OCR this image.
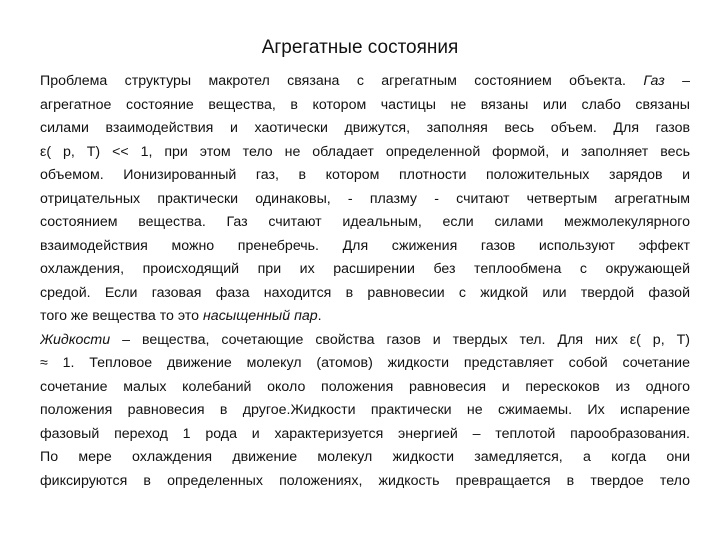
Агрегатные состояния
Проблема структуры макротел связана с агрегатным состоянием объекта. Газ –
агрегатное состояние вещества, в котором частицы не вязаны или слабо связаны
силами взаимодействия и хаотически движутся, заполняя весь объем. Для газов
ε( р, Т) << 1, при этом тело не обладает определенной формой, и заполняет весь
объемом. Ионизированный газ, в котором плотности положительных зарядов и
отрицательных практически одинаковы, - плазму - считают четвертым агрегатным
состоянием вещества. Газ считают идеальным, если силами межмолекулярного
взаимодействия можно пренебречь. Для сжижения газов используют эффект
охлаждения, происходящий при их расширении без теплообмена с окружающей
средой. Если газовая фаза находится в равновесии с жидкой или твердой фазой
того же вещества то это насыщенный пар.
Жидкости – вещества, сочетающие свойства газов и твердых тел. Для них ε( р, Т)
≈ 1. Тепловое движение молекул (атомов) жидкости представляет собой сочетание
сочетание малых колебаний около положения равновесия и перескоков из одного
положения равновесия в другое.Жидкости практически не сжимаемы. Их испарение
фазовый переход 1 рода и характеризуется энергией – теплотой парообразования.
По мере охлаждения движение молекул жидкости замедляется, а когда они
фиксируются в определенных положениях, жидкость превращается в твердое тело
